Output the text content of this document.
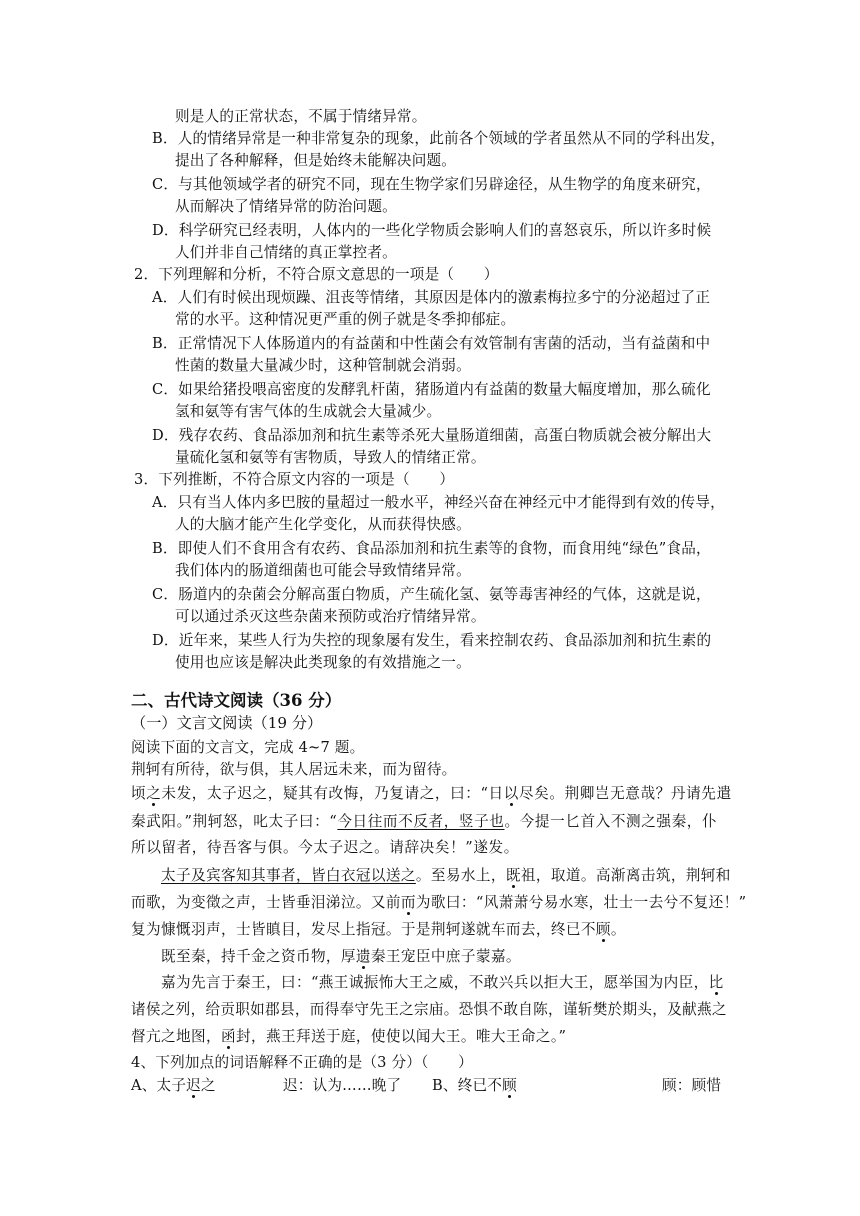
则是人的正常状态，不属于情绪异常。
B．人的情绪异常是一种非常复杂的现象，此前各个领域的学者虽然从不同的学科出发，
提出了各种解释，但是始终未能解决问题。
C．与其他领域学者的研究不同，现在生物学家们另辟途径，从生物学的角度来研究，
从而解决了情绪异常的防治问题。
D．科学研究已经表明，人体内的一些化学物质会影响人们的喜怒哀乐，所以许多时候
人们并非自己情绪的真正掌控者。
2．下列理解和分析，不符合原文意思的一项是（　　）
A．人们有时候出现烦躁、沮丧等情绪，其原因是体内的激素梅拉多宁的分泌超过了正
常的水平。这种情况更严重的例子就是冬季抑郁症。
B．正常情况下人体肠道内的有益菌和中性菌会有效管制有害菌的活动，当有益菌和中
性菌的数量大量减少时，这种管制就会消弱。
C．如果给猪投喂高密度的发酵乳杆菌，猪肠道内有益菌的数量大幅度增加，那么硫化
氢和氨等有害气体的生成就会大量减少。
D．残存农药、食品添加剂和抗生素等杀死大量肠道细菌，高蛋白物质就会被分解出大
量硫化氢和氨等有害物质，导致人的情绪正常。
3．下列推断，不符合原文内容的一项是（　　）
A．只有当人体内多巴胺的量超过一般水平，神经兴奋在神经元中才能得到有效的传导，
人的大脑才能产生化学变化，从而获得快感。
B．即使人们不食用含有农药、食品添加剂和抗生素等的食物，而食用纯“绿色”食品，
我们体内的肠道细菌也可能会导致情绪异常。
C．肠道内的杂菌会分解高蛋白物质，产生硫化氢、氨等毒害神经的气体，这就是说，
可以通过杀灭这些杂菌来预防或治疗情绪异常。
D．近年来，某些人行为失控的现象屡有发生，看来控制农药、食品添加剂和抗生素的
使用也应该是解决此类现象的有效措施之一。
二、古代诗文阅读（36 分）
（一）文言文阅读（19 分）
阅读下面的文言文，完成 4~7 题。
荆轲有所待，欲与俱，其人居远未来，而为留待。
顷之未发，太子迟之，疑其有改悔，乃复请之，曰：“日以尽矣。荆卿岂无意哉？丹请先遣
秦武阳。”荆轲怒，叱太子曰：“今日往而不反者，竖子也。今提一匕首入不测之强秦，仆
所以留者，待吾客与俱。今太子迟之。请辞决矣！”遂发。
太子及宾客知其事者，皆白衣冠以送之。至易水上，既祖，取道。高渐离击筑，荆轲和
而歌，为变徵之声，士皆垂泪涕泣。又前而为歌曰：“风萧萧兮易水寒，壮士一去兮不复还！”
复为慷慨羽声，士皆瞋目，发尽上指冠。于是荆轲遂就车而去，终已不顾。
既至秦，持千金之资币物，厚遗秦王宠臣中庶子蒙嘉。
嘉为先言于秦王，曰：“燕王诚振怖大王之威，不敢兴兵以拒大王，愿举国为内臣，比
诸侯之列，给贡职如郡县，而得奉守先王之宗庙。恐惧不敢自陈，谨斩樊於期头，及献燕之
督亢之地图，函封，燕王拜送于庭，使使以闻大王。唯大王命之。”
4、下列加点的词语解释不正确的是（3 分）（　　）
A、太子迟之	迟：认为……晚了 B、终已不顾	顾：顾惜
